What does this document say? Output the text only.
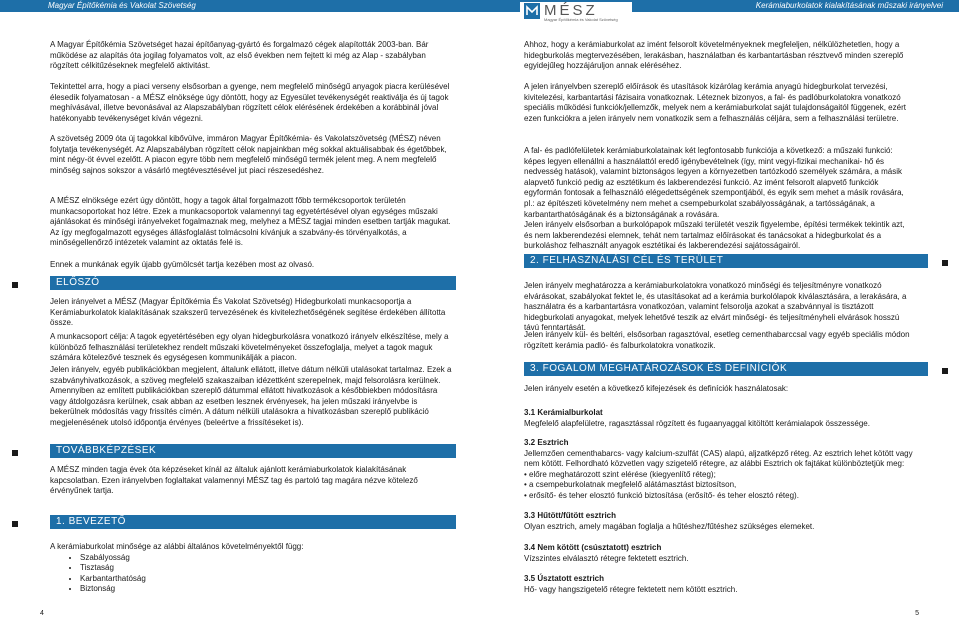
Magyar Építőkémia és Vakolat Szövetség	Kerámiaburkolatok kialakításának műszaki irányelvei
MÉSZ
Magyar Építőkémia és Vakolat Szövetség

A Magyar Építőkémia Szövetséget hazai építőanyag-gyártó és forgalmazó cégek alapították 2003-ban. Bár működése az alapítás óta jogilag folyamatos volt, az első években nem fejtett ki még az Alap - szabályban rögzített célkitűzéseknek megfelelő aktivitást.

Tekintettel arra, hogy a piaci verseny elsősorban a gyenge, nem megfelelő minőségű anyagok piacra kerülésével élesedik folyamatosan - a MÉSZ elnöksége úgy döntött, hogy az Egyesület tevékenységét reaktiválja és új tagok meghívásával, illetve bevonásával az Alapszabályban rögzített célok elérésének érdekében a korábbinál jóval hatékonyabb tevékenységet kíván végezni.

A szövetség 2009 óta új tagokkal kibővülve, immáron Magyar Építőkémia- és Vakolatszövetség (MÉSZ) néven folytatja tevékenységét. Az Alapszabályban rögzített célok napjainkban még sokkal aktuálisabbak és égetőbbek, mint négy-öt évvel ezelőtt. A piacon egyre több nem megfelelő minőségű termék jelent meg. A nem megfelelő minőség sajnos sokszor a vásárló megtévesztésével jut piaci részesedéshez.

A MÉSZ elnöksége ezért úgy döntött, hogy a tagok által forgalmazott főbb termékcsoportok területén munkacsoportokat hoz létre. Ezek a munkacsoportok valamennyi tag egyetértésével olyan egységes műszaki ajánlásokat és minőségi irányelveket fogalmaznak meg, melyhez a MÉSZ tagjai minden esetben tartják magukat. Az így megfogalmazott egységes állásfoglalást tolmácsolni kívánjuk a szabvány-és törvényalkotás, a minőségellenőrző intézetek valamint az oktatás felé is.

Ennek a munkának egyik újabb gyümölcsét tartja kezében most az olvasó.

ELŐSZÓ

Jelen irányelvet a MÉSZ (Magyar Építőkémia És Vakolat Szövetség) Hidegburkolati munkacsoportja a Kerámiaburkolatok kialakításának szakszerű tervezésének és kivitelezhetőségének segítése érdekében állította össze.

A munkacsoport célja: A tagok egyetértésében egy olyan hidegburkolásra vonatkozó irányelv elkészítése, mely a különböző felhasználási területekhez rendelt műszaki követelményeket összefoglalja, melyet a tagok maguk számára kötelezővé tesznek és egységesen kommunikálják a piacon.

Jelen irányelv, egyéb publikációkban megjelent, általunk ellátott, illetve dátum nélküli utalásokat tartalmaz. Ezek a szabványhivatkozások, a szöveg megfelelő szakaszaiban idézettként szerepelnek, majd felsorolásra kerülnek. Amennyiben az említett publikációkban szereplő dátummal ellátott hivatkozások a későbbiekben módosításra vagy átdolgozásra kerülnek, csak abban az esetben lesznek érvényesek, ha jelen műszaki irányelvbe is bekerülnek módosítás vagy frissítés címén. A dátum nélküli utalásokra a hivatkozásban szereplő publikáció megjelenésének utolsó időpontja érvényes (beleértve a frissítéseket is).

TOVÁBBKÉPZÉSEK

A MÉSZ minden tagja évek óta képzéseket kínál az általuk ajánlott kerámiaburkolatok kialakításának kapcsolatban. Ezen irányelvben foglaltakat valamennyi MÉSZ tag és partoló tag magára nézve kötelező érvényűnek tartja.

1. BEVEZETŐ

A kerámiaburkolat minősége az alábbi általános követelményektől függ:

• Szabályosság
• Tisztaság
• Karbantarthatóság
• Biztonság
4

Ahhoz, hogy a kerámiaburkolat az imént felsorolt követelményeknek megfeleljen, nélkülözhetetlen, hogy a hidegburkolás megtervezésében, lerakásban, használatban és karbantartásban résztvevő minden szereplő egyidejűleg hozzájáruljon annak eléréséhez.

A jelen irányelvben szereplő előírások és utasítások kizárólag kerámia anyagú hidegburkolat tervezési, kivitelezési, karbantartási fázisaira vonatkoznak. Léteznek bizonyos, a fal- és padlóburkolatokra vonatkozó speciális működési funkciók/jellemzők, melyek nem a kerámiaburkolat saját tulajdonságaitól függenek, ezért ezen funkciókra a jelen irányelv nem vonatkozik sem a felhasználás céljára, sem a felhasználási területre.

A fal- és padlófelületek kerámiaburkolatainak két legfontosabb funkciója a következő: a műszaki funkció: képes legyen ellenállni a használattól eredő igénybevételnek (így, mint vegyi-fizikai mechanikai- hő és nedvesség hatások), valamint biztonságos legyen a környezetben tartózkodó személyek számára, a másik alapvető funkció pedig az esztétikum és lakberendezési funkció. Az imént felsorolt alapvető funkciók egyformán fontosak a felhasználó elégedettségének szempontjából, és egyik sem mehet a másik rovására, pl.: az építészeti követelmény nem mehet a csempeburkolat szabályosságának, a tartósságának, a karbantarthatóságának és a biztonságának a rovására.

Jelen irányelv elsősorban a burkolópapok műszaki területét veszik figyelembe, építési termékek tekintik azt, és nem lakberendezési elemnek, tehát nem tartalmaz előírásokat és tanácsokat a hidegburkolat és a burkoláshoz felhasznált anyagok esztétikai és lakberendezési sajátosságairól.

2. FELHASZNÁLÁSI CÉL ÉS TERÜLET

Jelen irányelv meghatározza a kerámiaburkolatokra vonatkozó minőségi és teljesítményre vonatkozó elvárásokat, szabályokat fektet le, és utasításokat ad a kerámia burkolólapok kiválasztására, a lerakására, a használatra és a karbantartásra vonatkozóan, valamint felsorolja azokat a szabvánnyal is tisztázott hidegburkolati anyagokat, melyek lehetővé teszik az elvárt minőségi- és teljesítményheli elvárások hosszú távú fenntartását.

Jelen irányelv kül- és beltéri, elsősorban ragasztóval, esetleg cementhabarccsal vagy egyéb speciális módon rögzített kerámia padló- és falburkolatokra vonatkozik.

3. FOGALOM MEGHATÁROZÁSOK ÉS DEFINÍCIÓK

Jelen irányelv esetén a következő kifejezések és definíciók használatosak:

3.1 Kerámialburkolat

Megfelelő alapfelületre, ragasztással rögzített és fugaanyaggal kitöltött kerámialapok összessége.

3.2 Esztrich

Jellemzően cementhabarcs- vagy kalcium-szulfát (CAS) alapú, aljzatképző réteg. Az esztrich lehet kötött vagy nem kötött. Felhordható közvetlen vagy szigetelő rétegre, az alábbi Esztrich ok fajtákat különböztetjük meg:

• előre meghatározott szint elérése (kiegyenlítő réteg);

• a csempeburkolatnak megfelelő alátámasztást biztosítson,

• erősítő- és teher elosztó funkció biztosítása (erősítő- és teher elosztó réteg).

3.3 Hűtött/fűtött esztrich

Olyan esztrich, amely magában foglalja a hűtéshez/fűtéshez szükséges elemeket.

3.4 Nem kötött (csúsztatott) esztrich

Vízszintes elválasztó rétegre fektetett esztrich.

3.5 Úsztatott esztrich

Hő- vagy hangszigetelő rétegre fektetett nem kötött esztrich.

5
